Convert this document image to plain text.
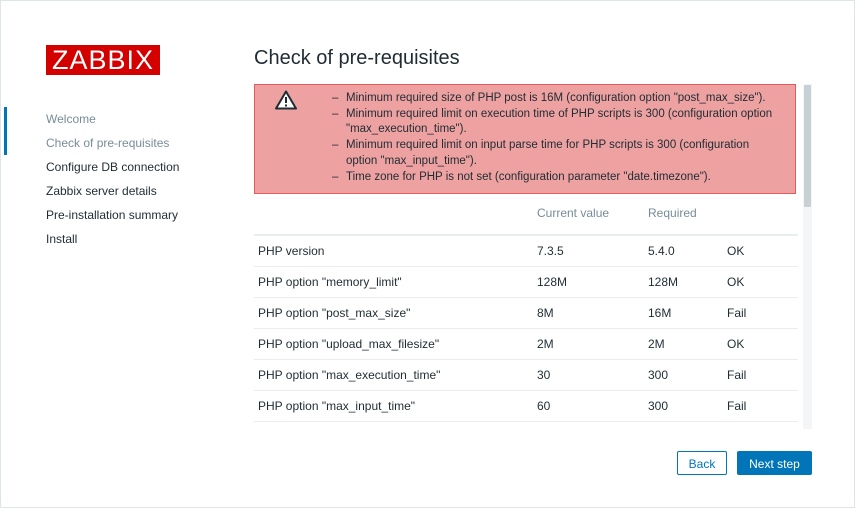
ZABBIX
Welcome
Check of pre-requisites
Configure DB connection
Zabbix server details
Pre-installation summary
Install
Check of pre-requisites
– Minimum required size of PHP post is 16M (configuration option "post_max_size").
– Minimum required limit on execution time of PHP scripts is 300 (configuration option "max_execution_time").
– Minimum required limit on input parse time for PHP scripts is 300 (configuration option "max_input_time").
– Time zone for PHP is not set (configuration parameter "date.timezone").
	Current value	Required	
PHP version	7.3.5	5.4.0	OK
PHP option "memory_limit"	128M	128M	OK
PHP option "post_max_size"	8M	16M	Fail
PHP option "upload_max_filesize"	2M	2M	OK
PHP option "max_execution_time"	30	300	Fail
PHP option "max_input_time"	60	300	Fail
Back	Next step
